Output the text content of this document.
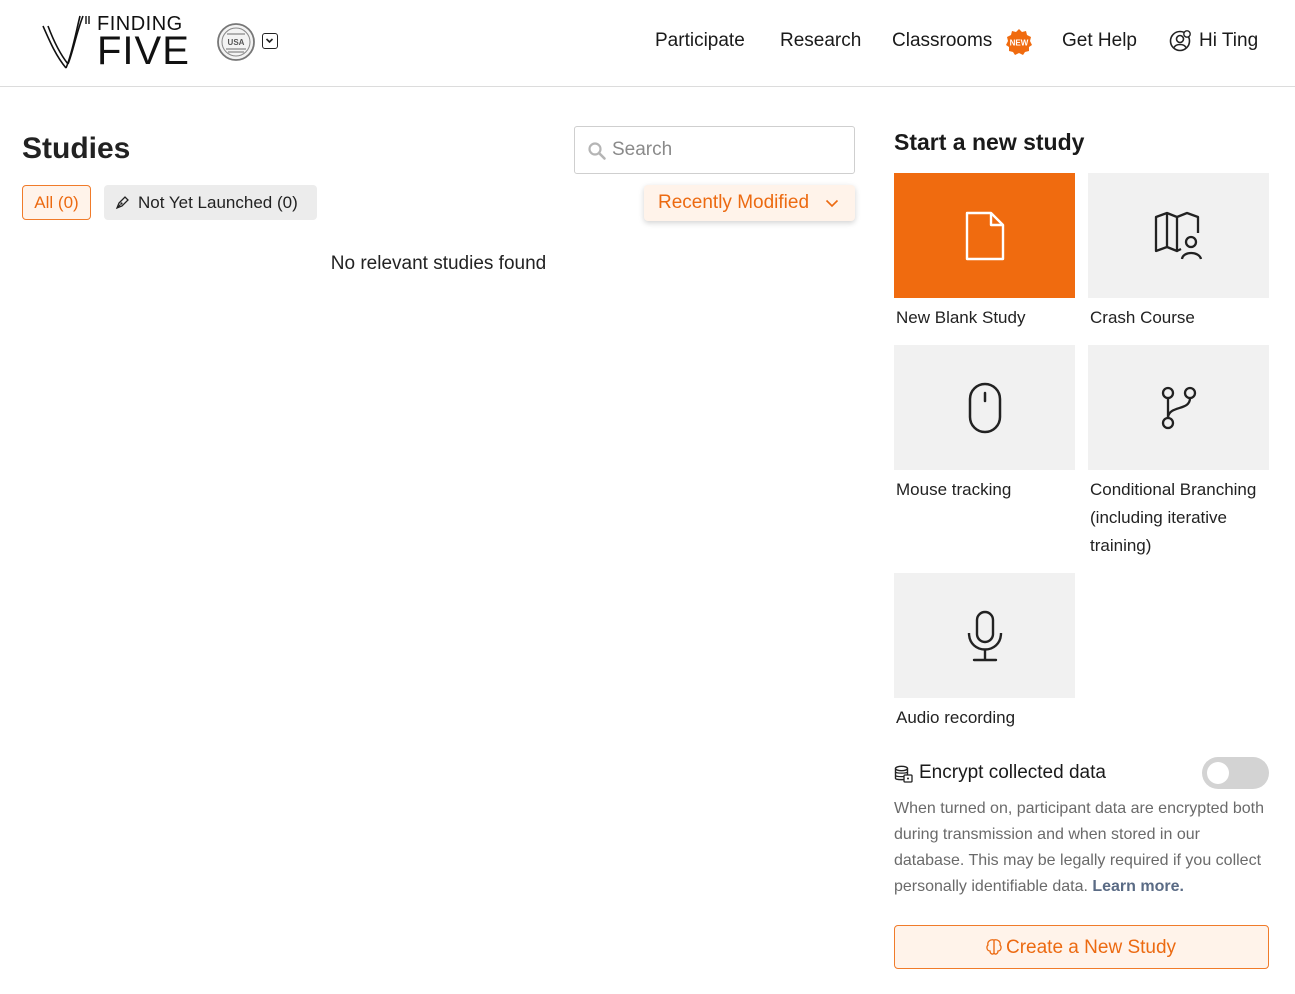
FINDING
FIVE	USA	Participate Research Classrooms NEW Get Help	Hi Ting
Studies
Search
All (0)	Not Yet Launched (0)	Recently Modified
No relevant studies found
Start a new study
New Blank Study	Crash Course
Mouse tracking	Conditional Branching (including iterative training)
Audio recording
Encrypt collected data

When turned on, participant data are encrypted both during transmission and when stored in our database. This may be legally required if you collect personally identifiable data. Learn more.

Create a New Study
